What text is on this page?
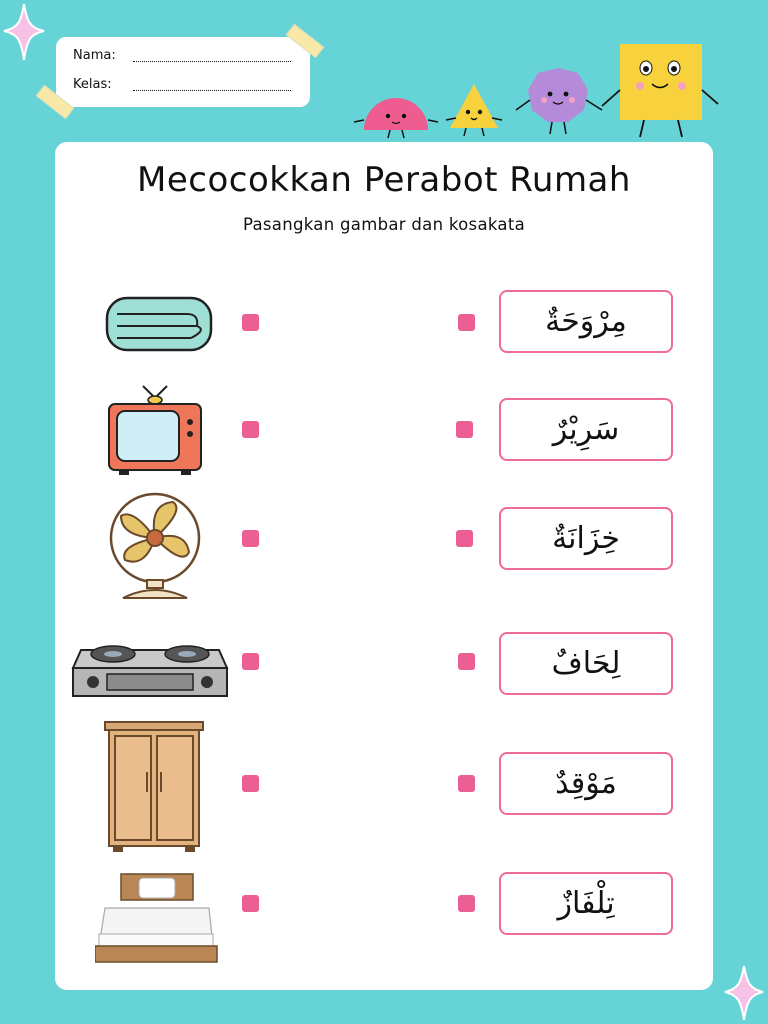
Nama:
Kelas:
Mecocokkan Perabot Rumah
Pasangkan gambar dan kosakata
مِرْوَحَةٌ
سَرِيْرٌ
خِزَانَةٌ
لِحَافٌ
مَوْقِدٌ
تِلْفَازٌ
